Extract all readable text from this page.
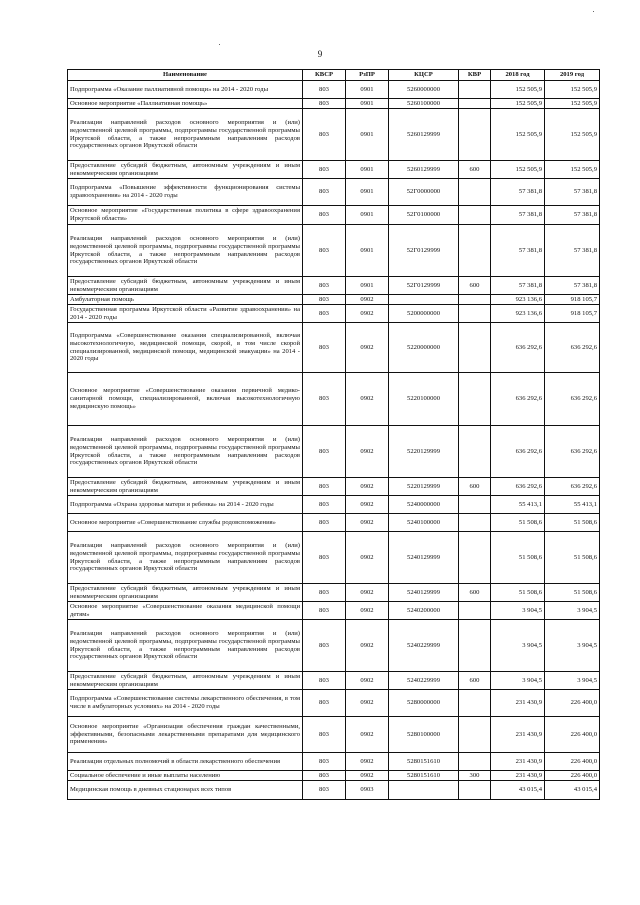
9
Наименование	КВСР	РзПР	КЦСР	КВР	2018 год	2019 год
Подпрограмма «Оказание паллиативной помощи» на 2014 - 2020 годы	803	0901	5260000000		152 505,9	152 505,9
Основное мероприятие «Паллиативная помощь»	803	0901	5260100000		152 505,9	152 505,9
Реализация направлений расходов основного мероприятия и (или) ведомственной целевой программы, подпрограммы государственной программы Иркутской области, а также непрограммным направлениям расходов государственных органов Иркутской области	803	0901	5260129999		152 505,9	152 505,9
Предоставление субсидий бюджетным, автономным учреждениям и иным некоммерческим организациям	803	0901	5260129999	600	152 505,9	152 505,9
Подпрограмма «Повышение эффективности функционирования системы здравоохранения» на 2014 - 2020 годы	803	0901	52Г0000000		57 381,8	57 381,8
Основное мероприятие «Государственная политика в сфере здравоохранения Иркутской области»	803	0901	52Г0100000		57 381,8	57 381,8
Реализация направлений расходов основного мероприятия и (или) ведомственной целевой программы, подпрограммы государственной программы Иркутской области, а также непрограммным направлениям расходов государственных органов Иркутской области	803	0901	52Г0129999		57 381,8	57 381,8
Предоставление субсидий бюджетным, автономным учреждениям и иным некоммерческим организациям	803	0901	52Г0129999	600	57 381,8	57 381,8
Амбулаторная помощь	803	0902			923 136,6	918 105,7
Государственная программа Иркутской области «Развитие здравоохранения» на 2014 - 2020 годы	803	0902	5200000000		923 136,6	918 105,7
Подпрограмма «Совершенствование оказания специализированной, включая высокотехнологичную, медицинской помощи, скорой, в том числе скорой специализированной, медицинской помощи, медицинской эвакуации» на 2014 - 2020 годы	803	0902	5220000000		636 292,6	636 292,6
Основное мероприятие «Совершенствование оказания первичной медико-санитарной помощи, специализированной, включая высокотехнологичную медицинскую помощь»	803	0902	5220100000		636 292,6	636 292,6
Реализация направлений расходов основного мероприятия и (или) ведомственной целевой программы, подпрограммы государственной программы Иркутской области, а также непрограммным направлениям расходов государственных органов Иркутской области	803	0902	5220129999		636 292,6	636 292,6
Предоставление субсидий бюджетным, автономным учреждениям и иным некоммерческим организациям	803	0902	5220129999	600	636 292,6	636 292,6
Подпрограмма «Охрана здоровья матери и ребенка» на 2014 - 2020 годы	803	0902	5240000000		55 413,1	55 413,1
Основное мероприятие «Совершенствование службы родовспоможения»	803	0902	5240100000		51 508,6	51 508,6
Реализация направлений расходов основного мероприятия и (или) ведомственной целевой программы, подпрограммы государственной программы Иркутской области, а также непрограммным направлениям расходов государственных органов Иркутской области	803	0902	5240129999		51 508,6	51 508,6
Предоставление субсидий бюджетным, автономным учреждениям и иным некоммерческим организациям	803	0902	5240129999	600	51 508,6	51 508,6
Основное мероприятие «Совершенствование оказания медицинской помощи детям»	803	0902	5240200000		3 904,5	3 904,5
Реализация направлений расходов основного мероприятия и (или) ведомственной целевой программы, подпрограммы государственной программы Иркутской области, а также непрограммным направлениям расходов государственных органов Иркутской области	803	0902	5240229999		3 904,5	3 904,5
Предоставление субсидий бюджетным, автономным учреждениям и иным некоммерческим организациям	803	0902	5240229999	600	3 904,5	3 904,5
Подпрограмма «Совершенствование системы лекарственного обеспечения, в том числе в амбулаторных условиях» на 2014 - 2020 годы	803	0902	5280000000		231 430,9	226 400,0
Основное мероприятие «Организация обеспечения граждан качественными, эффективными, безопасными лекарственными препаратами для медицинского применения»	803	0902	5280100000		231 430,9	226 400,0
Реализация отдельных полномочий в области лекарственного обеспечения	803	0902	5280151610		231 430,9	226 400,0
Социальное обеспечение и иные выплаты населению	803	0902	5280151610	300	231 430,9	226 400,0
Медицинская помощь в дневных стационарах всех типов	803	0903			43 015,4	43 015,4
